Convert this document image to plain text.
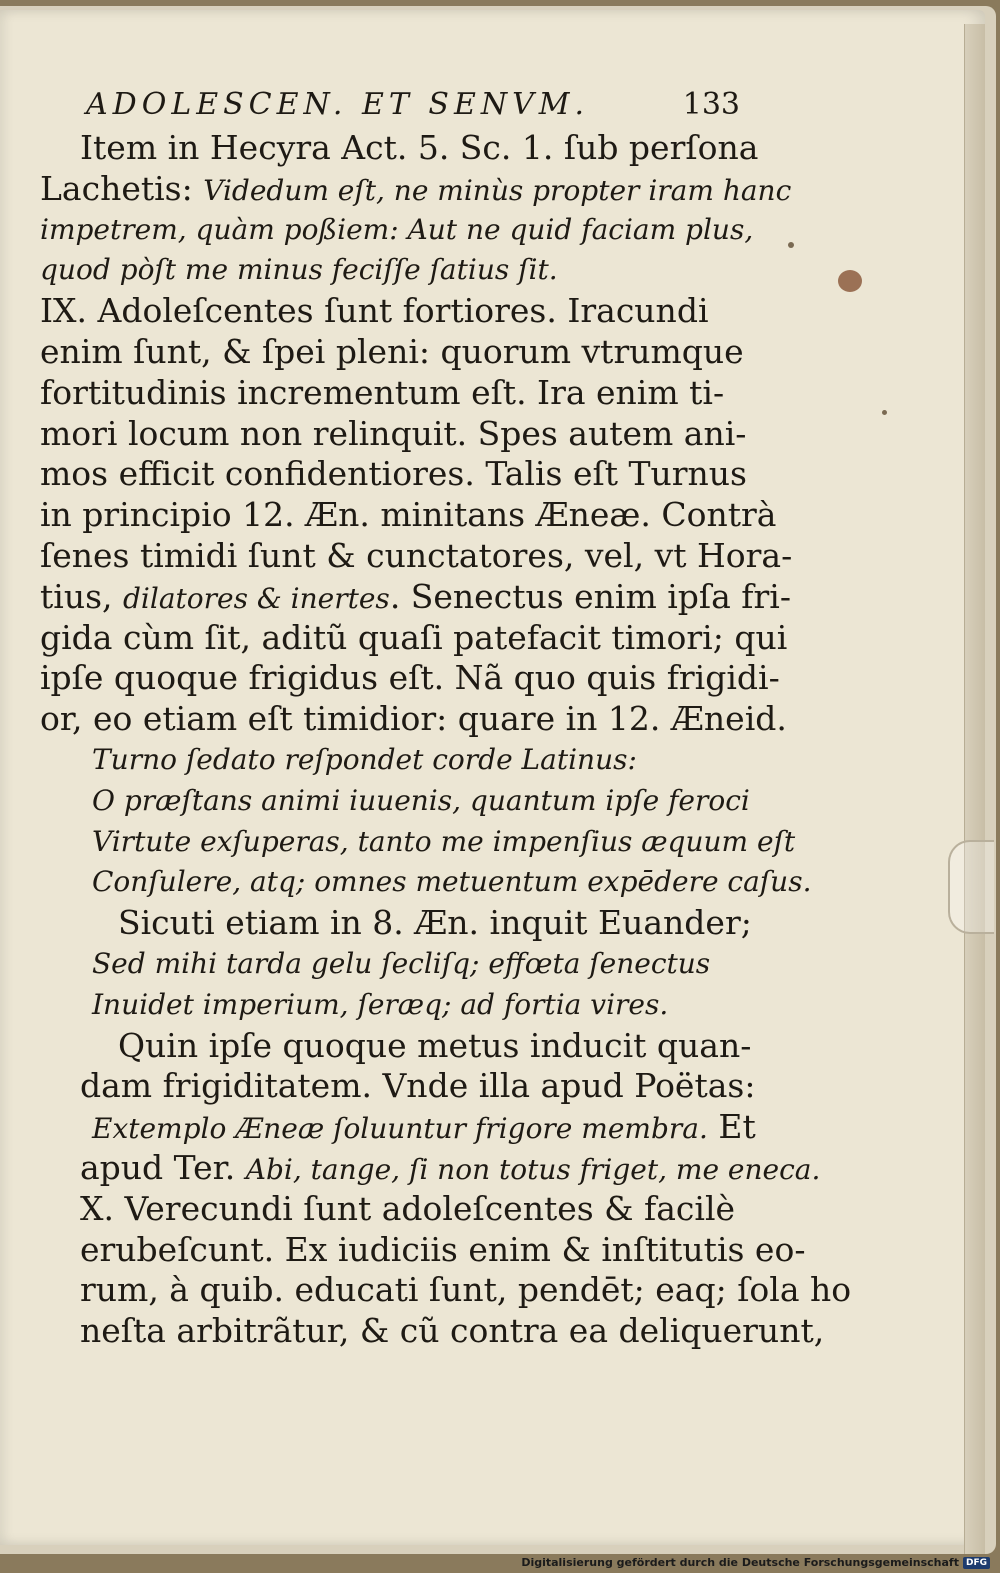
ADOLESCEN. ET SENVM.	133
Item in Hecyra Act. 5. Sc. 1. ſub perſona
Lachetis: Videdum eſt, ne minùs propter iram hanc
impetrem, quàm poßiem: Aut ne quid faciam plus,
quod pòſt me minus feciſſe ſatius ſit.
IX. Adoleſcentes ſunt fortiores. Iracundi
enim ſunt, & ſpei pleni: quorum vtrumque
fortitudinis incrementum eſt. Ira enim ti-
mori locum non relinquit. Spes autem ani-
mos efficit confidentiores. Talis eſt Turnus
in principio 12. Æn. minitans Æneæ. Contrà
ſenes timidi ſunt & cunctatores, vel, vt Hora-
tius, dilatores & inertes. Senectus enim ipſa fri-
gida cùm ſit, aditũ quaſi patefacit timori; qui
ipſe quoque frigidus eſt. Nã quo quis frigidi-
or, eo etiam eſt timidior: quare in 12. Æneid.
Turno ſedato reſpondet corde Latinus:
O præſtans animi iuuenis, quantum ipſe feroci
Virtute exſuperas, tanto me impenſius æquum eſt
Conſulere, atq; omnes metuentum expēdere caſus.
Sicuti etiam in 8. Æn. inquit Euander;
Sed mihi tarda gelu ſecliſq; effœta ſenectus
Inuidet imperium, ſeræq; ad fortia vires.
Quin ipſe quoque metus inducit quan-
dam frigiditatem. Vnde illa apud Poëtas:
Extemplo Æneæ ſoluuntur frigore membra. Et
apud Ter. Abi, tange, ſi non totus friget, me eneca.
X. Verecundi ſunt adoleſcentes & facilè
erubeſcunt. Ex iudiciis enim & inſtitutis eo-
rum, à quib. educati ſunt, pendēt; eaq; ſola ho
neſta arbitrãtur, & cũ contra ea deliquerunt,
Digitalisierung gefördert durch die Deutsche Forschungsgemeinschaft DFG
